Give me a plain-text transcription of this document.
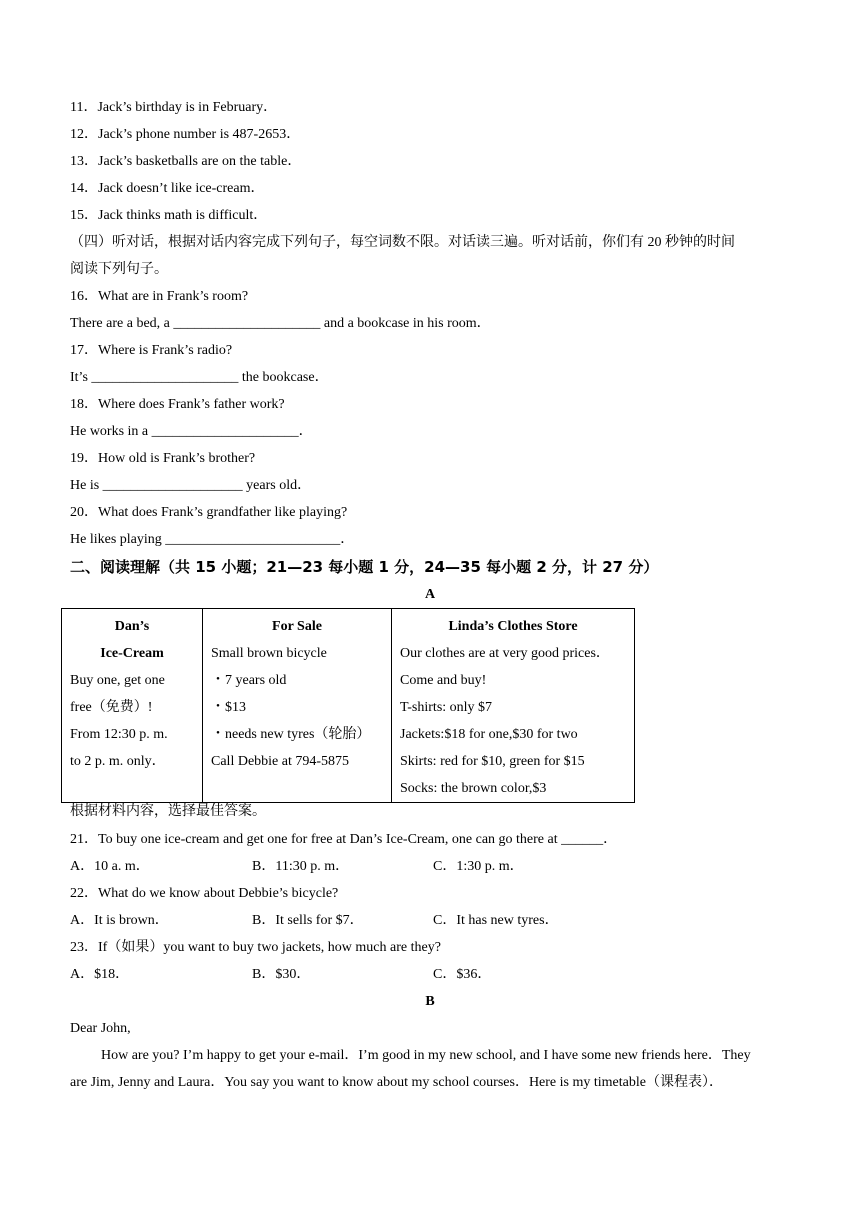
11．Jack’s birthday is in February．
12．Jack’s phone number is 487-2653．
13．Jack’s basketballs are on the table．
14．Jack doesn’t like ice-cream．
15．Jack thinks math is difficult．
（四）听对话，根据对话内容完成下列句子，每空词数不限。对话读三遍。听对话前，你们有 20 秒钟的时间
阅读下列句子。
16．What are in Frank’s room?
There are a bed, a _____________________ and a bookcase in his room．
17．Where is Frank’s radio?
It’s _____________________ the bookcase．
18．Where does Frank’s father work?
He works in a _____________________．
19．How old is Frank’s brother?
He is ____________________ years old．
20．What does Frank’s grandfather like playing?
He likes playing _________________________．
二、阅读理解（共 15 小题；21—23 每小题 1 分，24—35 每小题 2 分，计 27 分）
A
Dan’s
Ice-Cream
Buy one, get one
free（免费）!
From 12:30 p. m.
to 2 p. m. only．

For Sale
Small brown bicycle
・7 years old
・$13
・needs new tyres（轮胎）
Call Debbie at 794-5875

Linda’s Clothes Store
Our clothes are at very good prices．
Come and buy!
T-shirts: only $7
Jackets:$18 for one,$30 for two
Skirts: red for $10, green for $15
Socks: the brown color,$3
根据材料内容，选择最佳答案。
21．To buy one ice-cream and get one for free at Dan’s Ice-Cream, one can go there at ______．
A．10 a. m．	B．11:30 p. m．	C．1:30 p. m．
22．What do we know about Debbie’s bicycle?
A．It is brown．	B．It sells for $7．	C．It has new tyres．
23．If（如果）you want to buy two jackets, how much are they?
A．$18．	B．$30．	C．$36．
B
Dear John,
How are you? I’m happy to get your e-mail．I’m good in my new school, and I have some new friends here．They
are Jim, Jenny and Laura．You say you want to know about my school courses．Here is my timetable（课程表）．
